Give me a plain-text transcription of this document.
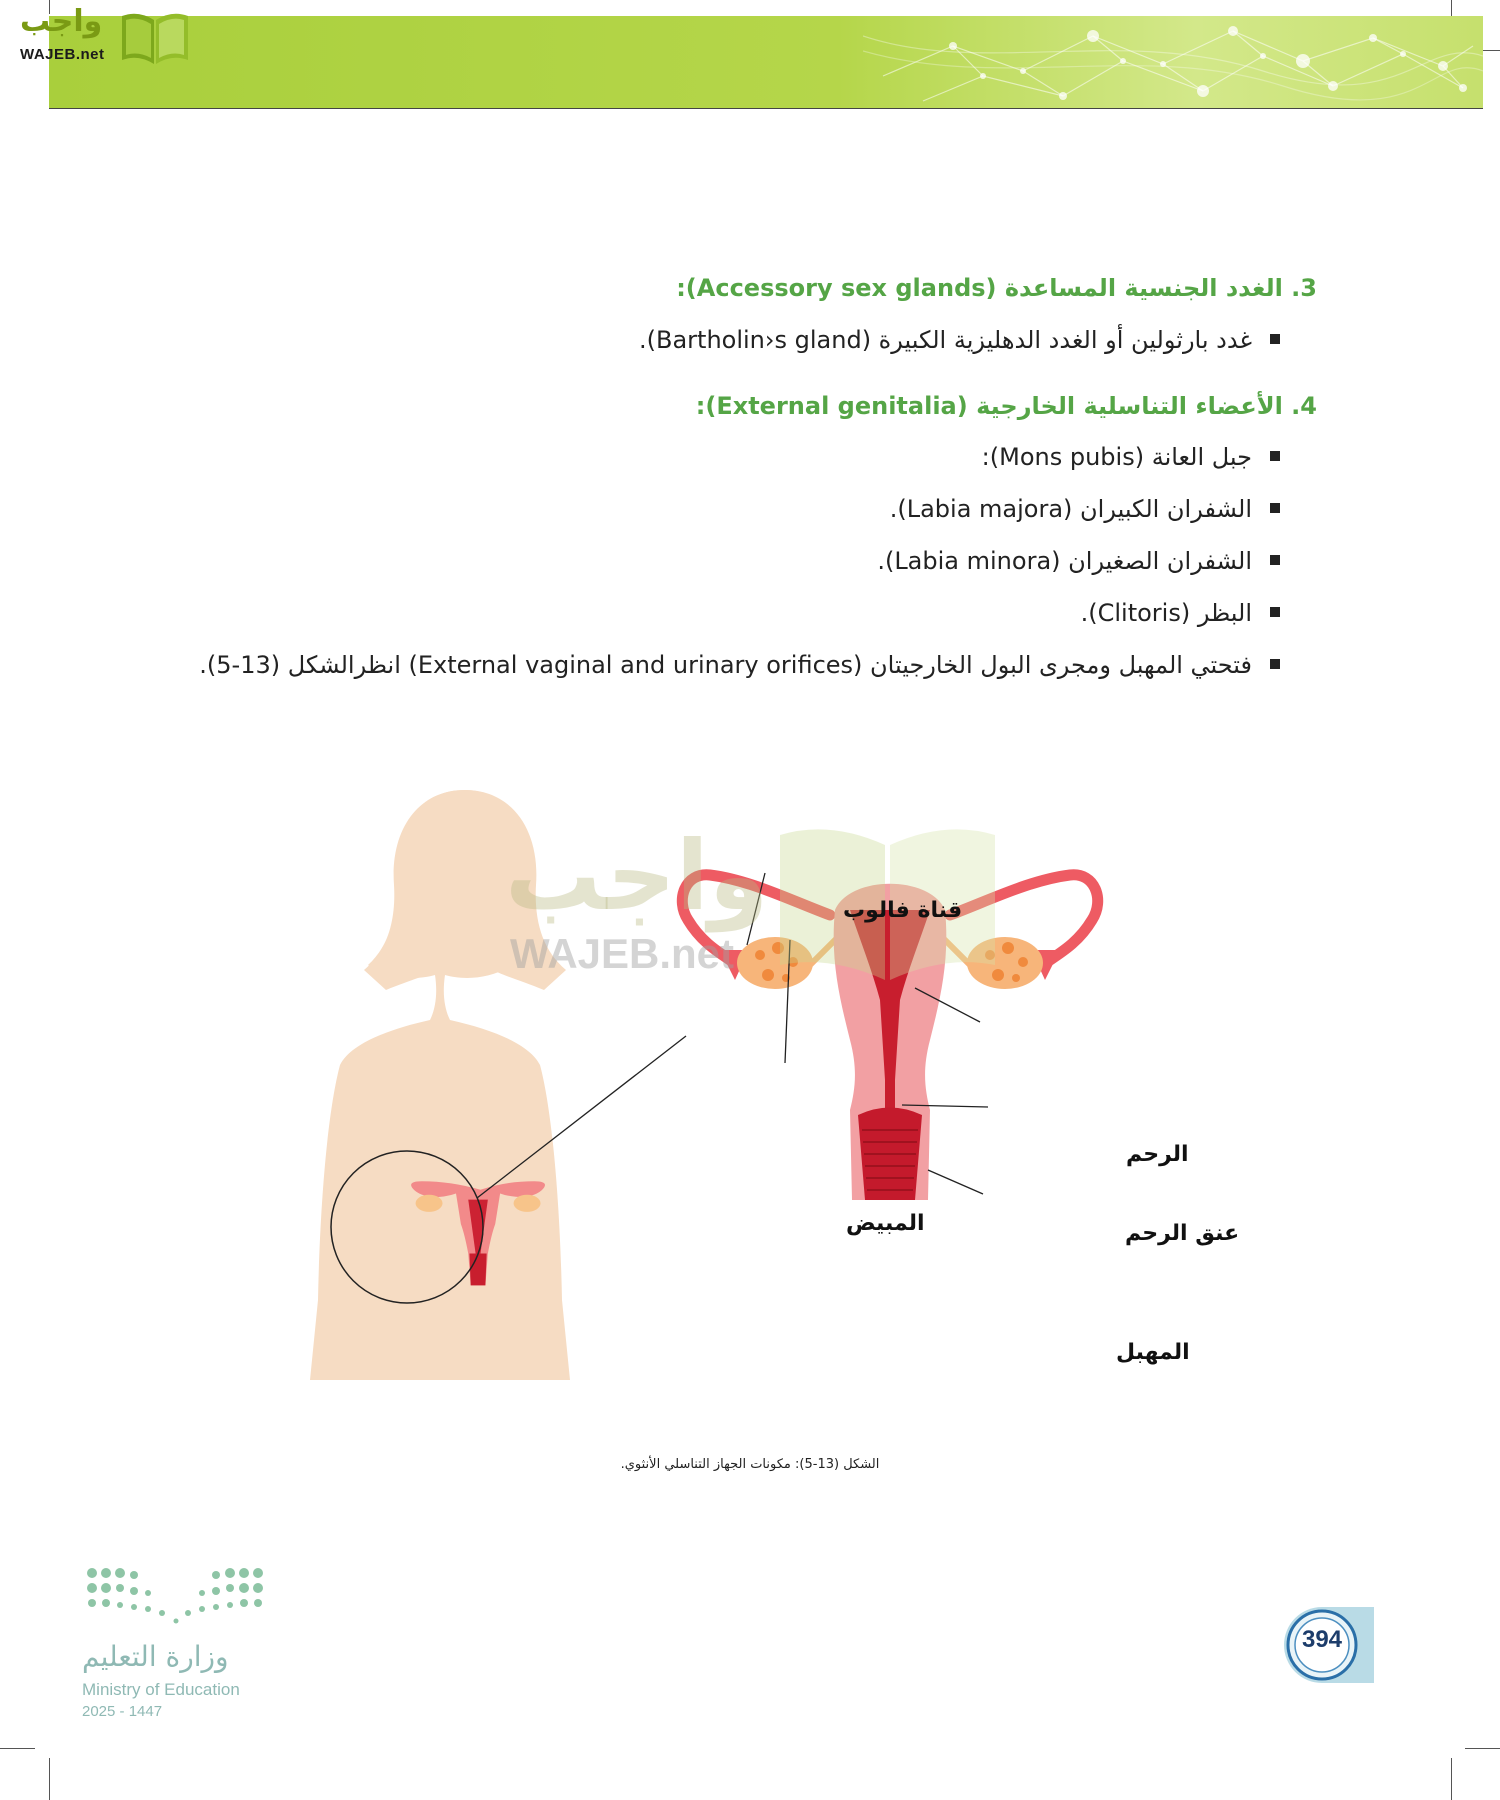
واجب
WAJEB.net
3. الغدد الجنسية المساعدة (Accessory sex glands):
غدد بارثولين أو الغدد الدهليزية الكبيرة (Bartholin›s gland).
4. الأعضاء التناسلية الخارجية (External genitalia):
جبل العانة (Mons pubis):
الشفران الكبيران (Labia majora).
الشفران الصغيران (Labia minora).
البظر (Clitoris).
فتحتي المهبل ومجرى البول الخارجيتان (External vaginal and urinary orifices) انظرالشكل (13-5).
واجب
WAJEB.net
قناة فالوب
الرحم
المبيض	عنق الرحم
المهبل
الشكل (13-5): مكونات الجهاز التناسلي الأنثوي.
وزارة التعليم
Ministry of Education
2025 - 1447
394
